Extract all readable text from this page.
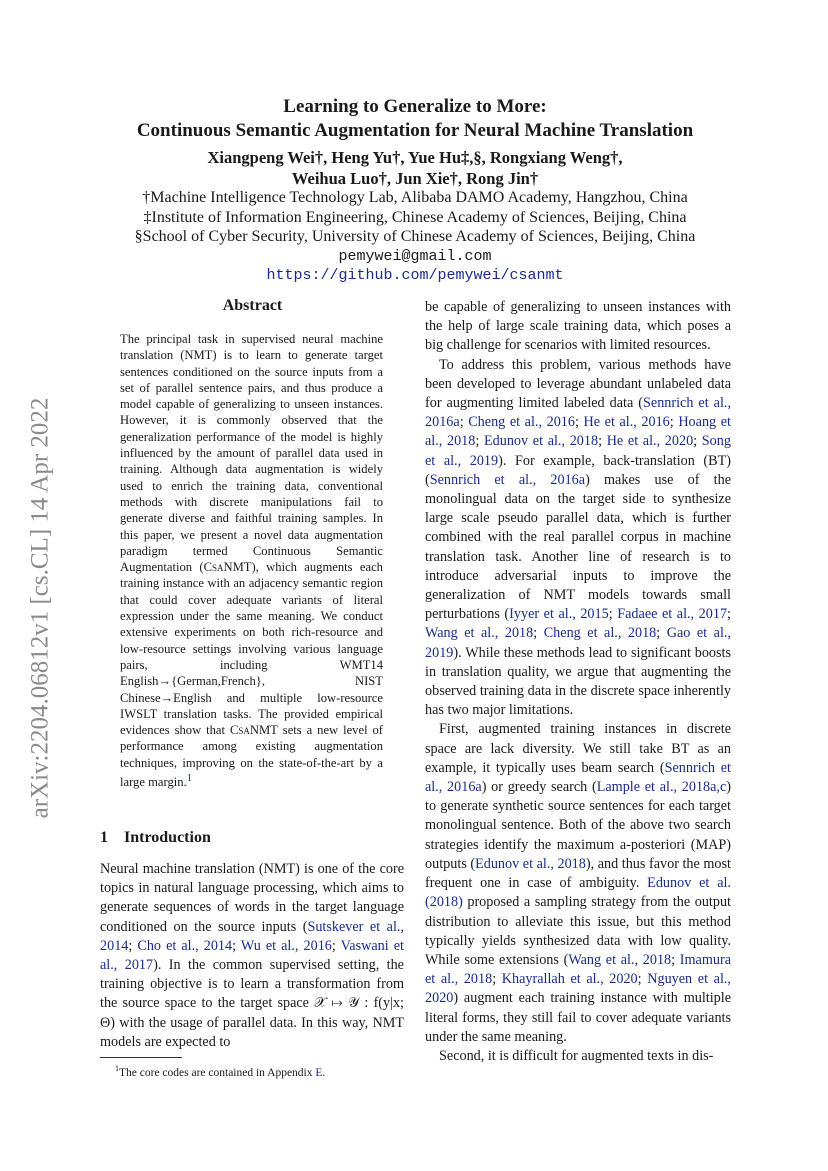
arXiv:2204.06812v1 [cs.CL] 14 Apr 2022
Learning to Generalize to More:
Continuous Semantic Augmentation for Neural Machine Translation
Xiangpeng Wei†, Heng Yu†, Yue Hu‡,§, Rongxiang Weng†,
Weihua Luo†, Jun Xie†, Rong Jin†
†Machine Intelligence Technology Lab, Alibaba DAMO Academy, Hangzhou, China
‡Institute of Information Engineering, Chinese Academy of Sciences, Beijing, China
§School of Cyber Security, University of Chinese Academy of Sciences, Beijing, China
pemywei@gmail.com
https://github.com/pemywei/csanmt
Abstract

The principal task in supervised neural machine translation (NMT) is to learn to generate target sentences conditioned on the source inputs from a set of parallel sentence pairs, and thus produce a model capable of generalizing to unseen instances. However, it is commonly observed that the generalization performance of the model is highly influenced by the amount of parallel data used in training. Although data augmentation is widely used to enrich the training data, conventional methods with discrete manipulations fail to generate diverse and faithful training samples. In this paper, we present a novel data augmentation paradigm termed Continuous Semantic Augmentation (CsaNMT), which augments each training instance with an adjacency semantic region that could cover adequate variants of literal expression under the same meaning. We conduct extensive experiments on both rich-resource and low-resource settings involving various language pairs, including WMT14 English→{German,French}, NIST Chinese→English and multiple low-resource IWSLT translation tasks. The provided empirical evidences show that CsaNMT sets a new level of performance among existing augmentation techniques, improving on the state-of-the-art by a large margin.$^1$

1 Introduction

Neural machine translation (NMT) is one of the core topics in natural language processing, which aims to generate sequences of words in the target language conditioned on the source inputs (Sutskever et al., 2014; Cho et al., 2014; Wu et al., 2016; Vaswani et al., 2017). In the common supervised setting, the training objective is to learn a transformation from the source space to the target space 𝒳 ↦ 𝒴 : f(y|x; Θ) with the usage of parallel data. In this way, NMT models are expected to

be capable of generalizing to unseen instances with the help of large scale training data, which poses a big challenge for scenarios with limited resources.

To address this problem, various methods have been developed to leverage abundant unlabeled data for augmenting limited labeled data (Sennrich et al., 2016a; Cheng et al., 2016; He et al., 2016; Hoang et al., 2018; Edunov et al., 2018; He et al., 2020; Song et al., 2019). For example, back-translation (BT) (Sennrich et al., 2016a) makes use of the monolingual data on the target side to synthesize large scale pseudo parallel data, which is further combined with the real parallel corpus in machine translation task. Another line of research is to introduce adversarial inputs to improve the generalization of NMT models towards small perturbations (Iyyer et al., 2015; Fadaee et al., 2017; Wang et al., 2018; Cheng et al., 2018; Gao et al., 2019). While these methods lead to significant boosts in translation quality, we argue that augmenting the observed training data in the discrete space inherently has two major limitations.

First, augmented training instances in discrete space are lack diversity. We still take BT as an example, it typically uses beam search (Sennrich et al., 2016a) or greedy search (Lample et al., 2018a,c) to generate synthetic source sentences for each target monolingual sentence. Both of the above two search strategies identify the maximum a-posteriori (MAP) outputs (Edunov et al., 2018), and thus favor the most frequent one in case of ambiguity. Edunov et al. (2018) proposed a sampling strategy from the output distribution to alleviate this issue, but this method typically yields synthesized data with low quality. While some extensions (Wang et al., 2018; Imamura et al., 2018; Khayrallah et al., 2020; Nguyen et al., 2020) augment each training instance with multiple literal forms, they still fail to cover adequate variants under the same meaning.

Second, it is difficult for augmented texts in dis-

$^1$The core codes are contained in Appendix E.
